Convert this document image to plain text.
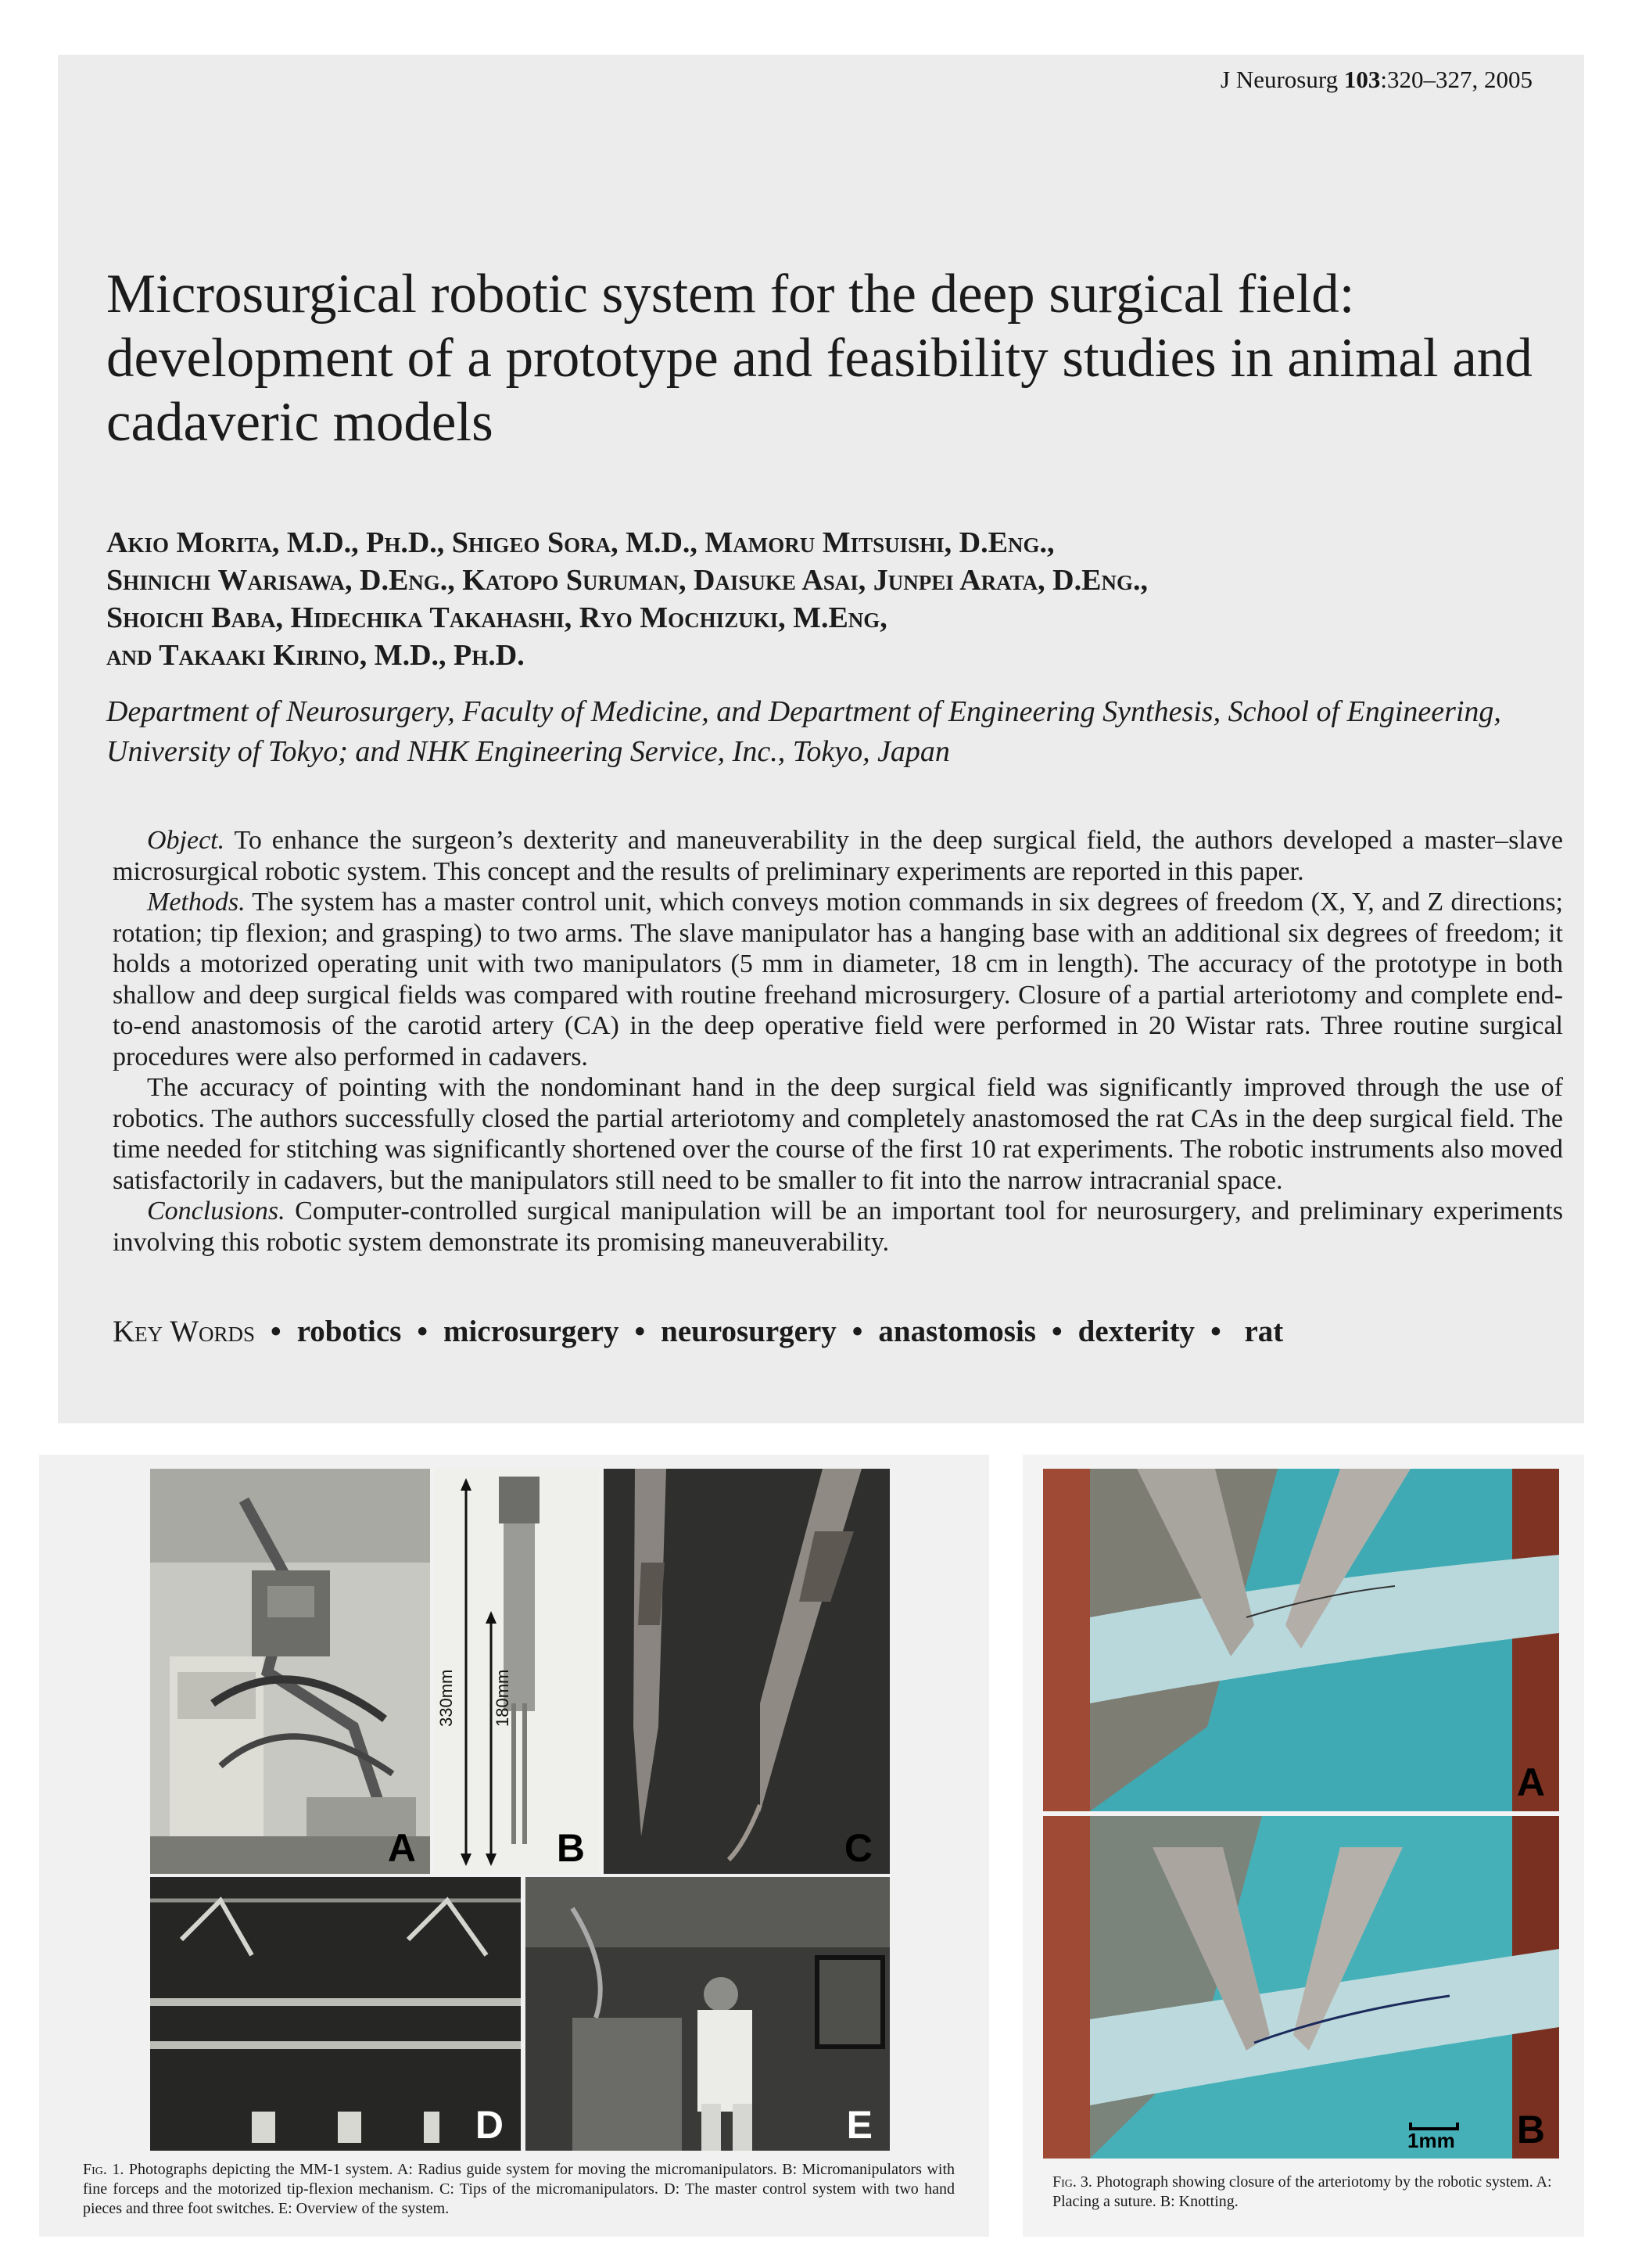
J Neurosurg 103:320–327, 2005
Microsurgical robotic system for the deep surgical field: development of a prototype and feasibility studies in animal and cadaveric models
Akio Morita, M.D., Ph.D., Shigeo Sora, M.D., Mamoru Mitsuishi, D.Eng.,
Shinichi Warisawa, D.Eng., Katopo Suruman, Daisuke Asai, Junpei Arata, D.Eng.,
Shoichi Baba, Hidechika Takahashi, Ryo Mochizuki, M.Eng,
and Takaaki Kirino, M.D., Ph.D.

Department of Neurosurgery, Faculty of Medicine, and Department of Engineering Synthesis, School of Engineering, University of Tokyo; and NHK Engineering Service, Inc., Tokyo, Japan

Object. To enhance the surgeon’s dexterity and maneuverability in the deep surgical field, the authors developed a master–slave microsurgical robotic system. This concept and the results of preliminary experiments are reported in this paper.

Methods. The system has a master control unit, which conveys motion commands in six degrees of freedom (X, Y, and Z directions; rotation; tip flexion; and grasping) to two arms. The slave manipulator has a hanging base with an additional six degrees of freedom; it holds a motorized operating unit with two manipulators (5 mm in diameter, 18 cm in length). The accuracy of the prototype in both shallow and deep surgical fields was compared with routine freehand microsurgery. Closure of a partial arteriotomy and complete end-to-end anastomosis of the carotid artery (CA) in the deep operative field were performed in 20 Wistar rats. Three routine surgical procedures were also performed in cadavers.

The accuracy of pointing with the nondominant hand in the deep surgical field was significantly improved through the use of robotics. The authors successfully closed the partial arteriotomy and completely anastomosed the rat CAs in the deep surgical field. The time needed for stitching was significantly shortened over the course of the first 10 rat experiments. The robotic instruments also moved satisfactorily in cadavers, but the manipulators still need to be smaller to fit into the narrow intracranial space.

Conclusions. Computer-controlled surgical manipulation will be an important tool for neurosurgery, and preliminary experiments involving this robotic system demonstrate its promising maneuverability.

Key Words • robotics • microsurgery • neurosurgery • anastomosis • dexterity • rat
A
330mm 180mm
B	C
D	E
Fig. 1. Photographs depicting the MM-1 system. A: Radius guide system for moving the micromanipulators. B: Micromanipulators with fine forceps and the motorized tip-flexion mechanism. C: Tips of the micromanipulators. D: The master control system with two hand pieces and three foot switches. E: Overview of the system.
A
1mm B
Fig. 3. Photograph showing closure of the arteriotomy by the robotic system. A: Placing a suture. B: Knotting.
